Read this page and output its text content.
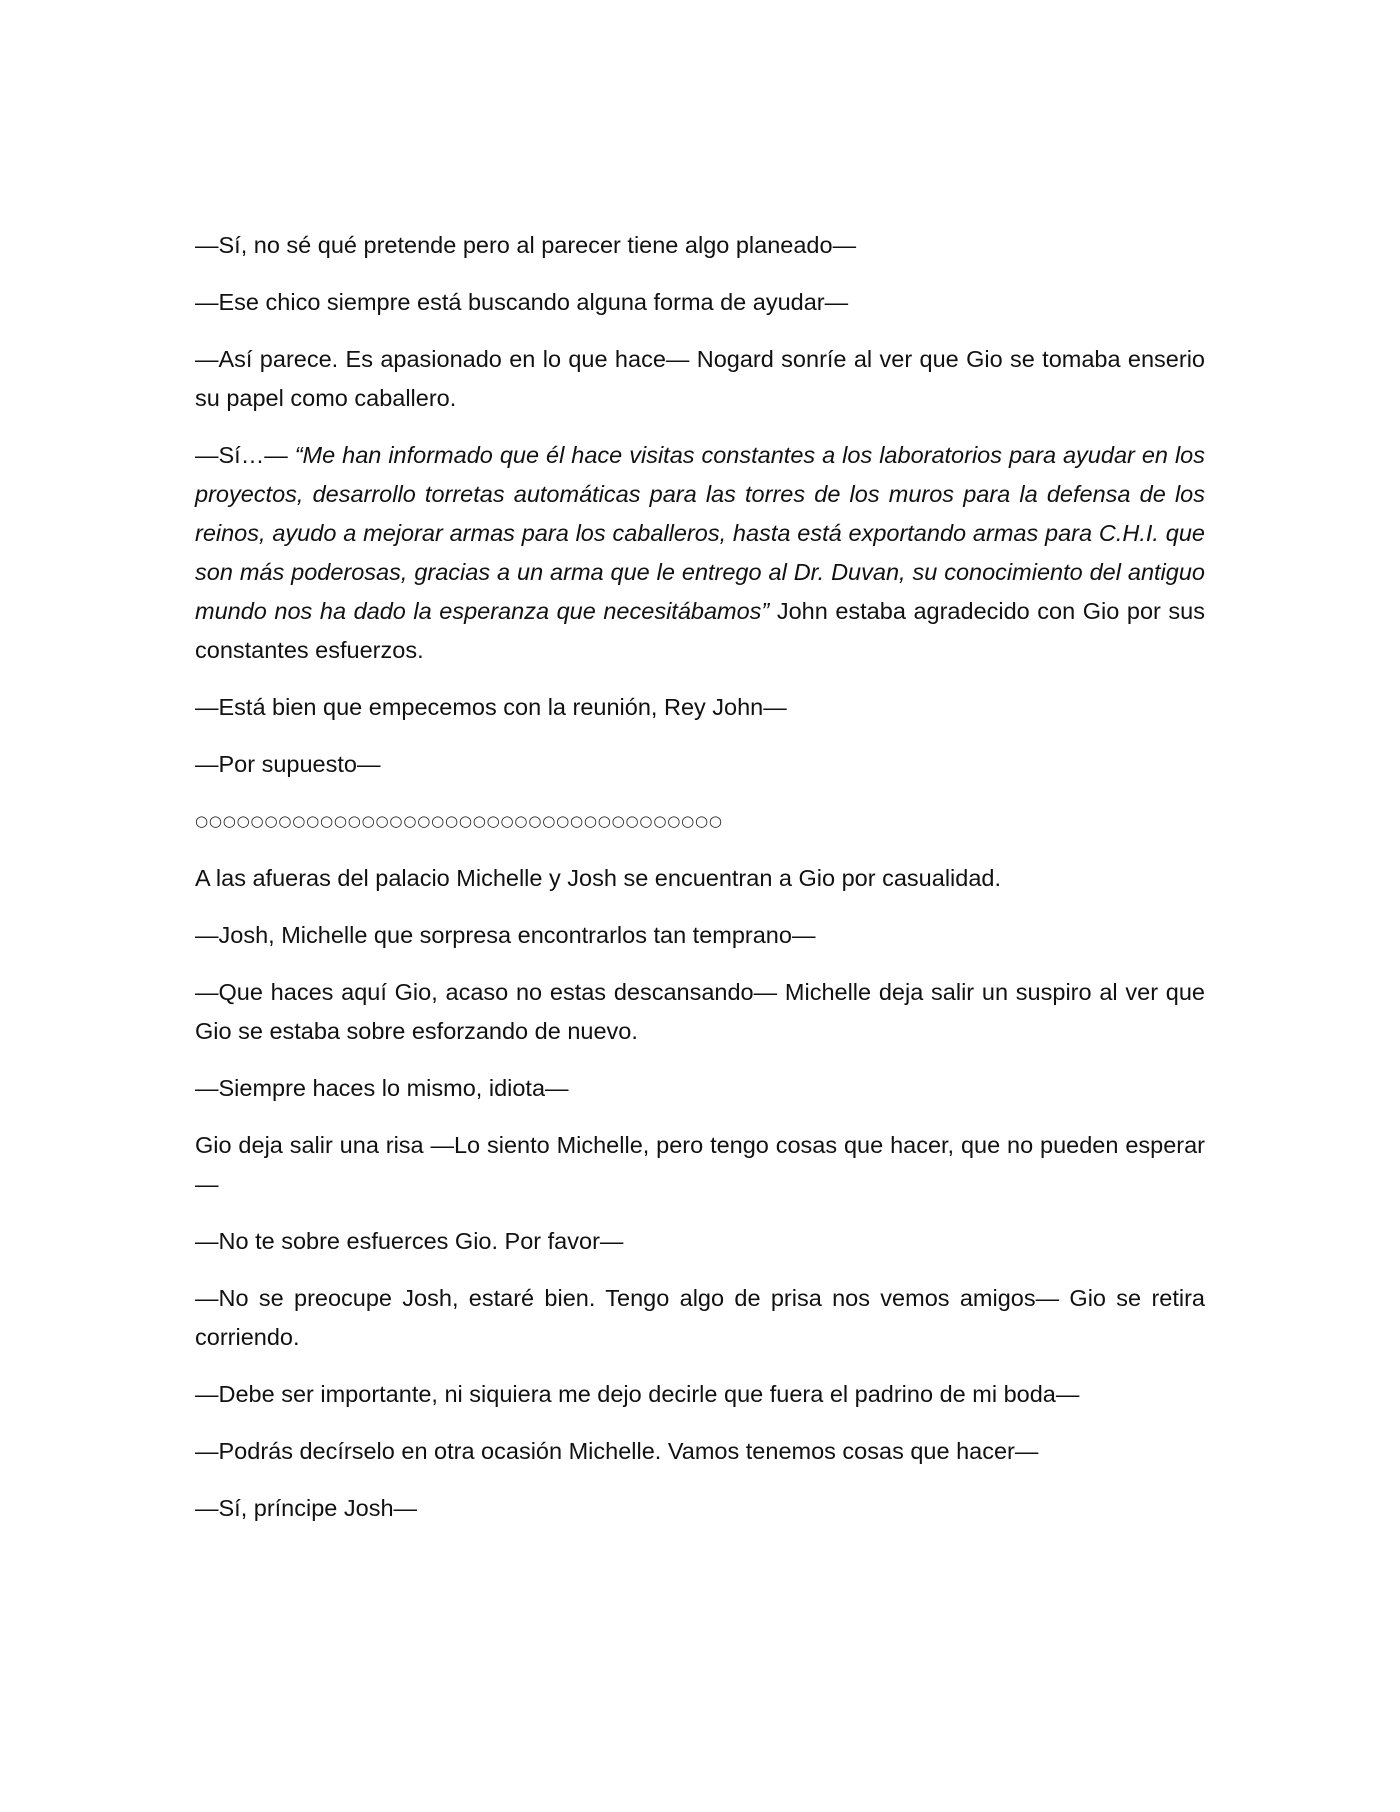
—Sí, no sé qué pretende pero al parecer tiene algo planeado—

—Ese chico siempre está buscando alguna forma de ayudar—

—Así parece. Es apasionado en lo que hace— Nogard sonríe al ver que Gio se tomaba enserio su papel como caballero.

—Sí…— “Me han informado que él hace visitas constantes a los laboratorios para ayudar en los proyectos, desarrollo torretas automáticas para las torres de los muros para la defensa de los reinos, ayudo a mejorar armas para los caballeros, hasta está exportando armas para C.H.I. que son más poderosas, gracias a un arma que le entrego al Dr. Duvan, su conocimiento del antiguo mundo nos ha dado la esperanza que necesitábamos” John estaba agradecido con Gio por sus constantes esfuerzos.

—Está bien que empecemos con la reunión, Rey John—

—Por supuesto—

○○○○○○○○○○○○○○○○○○○○○○○○○○○○○○○○○○○○○○

A las afueras del palacio Michelle y Josh se encuentran a Gio por casualidad.

—Josh, Michelle que sorpresa encontrarlos tan temprano—

—Que haces aquí Gio, acaso no estas descansando— Michelle deja salir un suspiro al ver que Gio se estaba sobre esforzando de nuevo.

—Siempre haces lo mismo, idiota—

Gio deja salir una risa —Lo siento Michelle, pero tengo cosas que hacer, que no pueden esperar—

—No te sobre esfuerces Gio. Por favor—

—No se preocupe Josh, estaré bien. Tengo algo de prisa nos vemos amigos— Gio se retira corriendo.

—Debe ser importante, ni siquiera me dejo decirle que fuera el padrino de mi boda—

—Podrás decírselo en otra ocasión Michelle. Vamos tenemos cosas que hacer—

—Sí, príncipe Josh—
